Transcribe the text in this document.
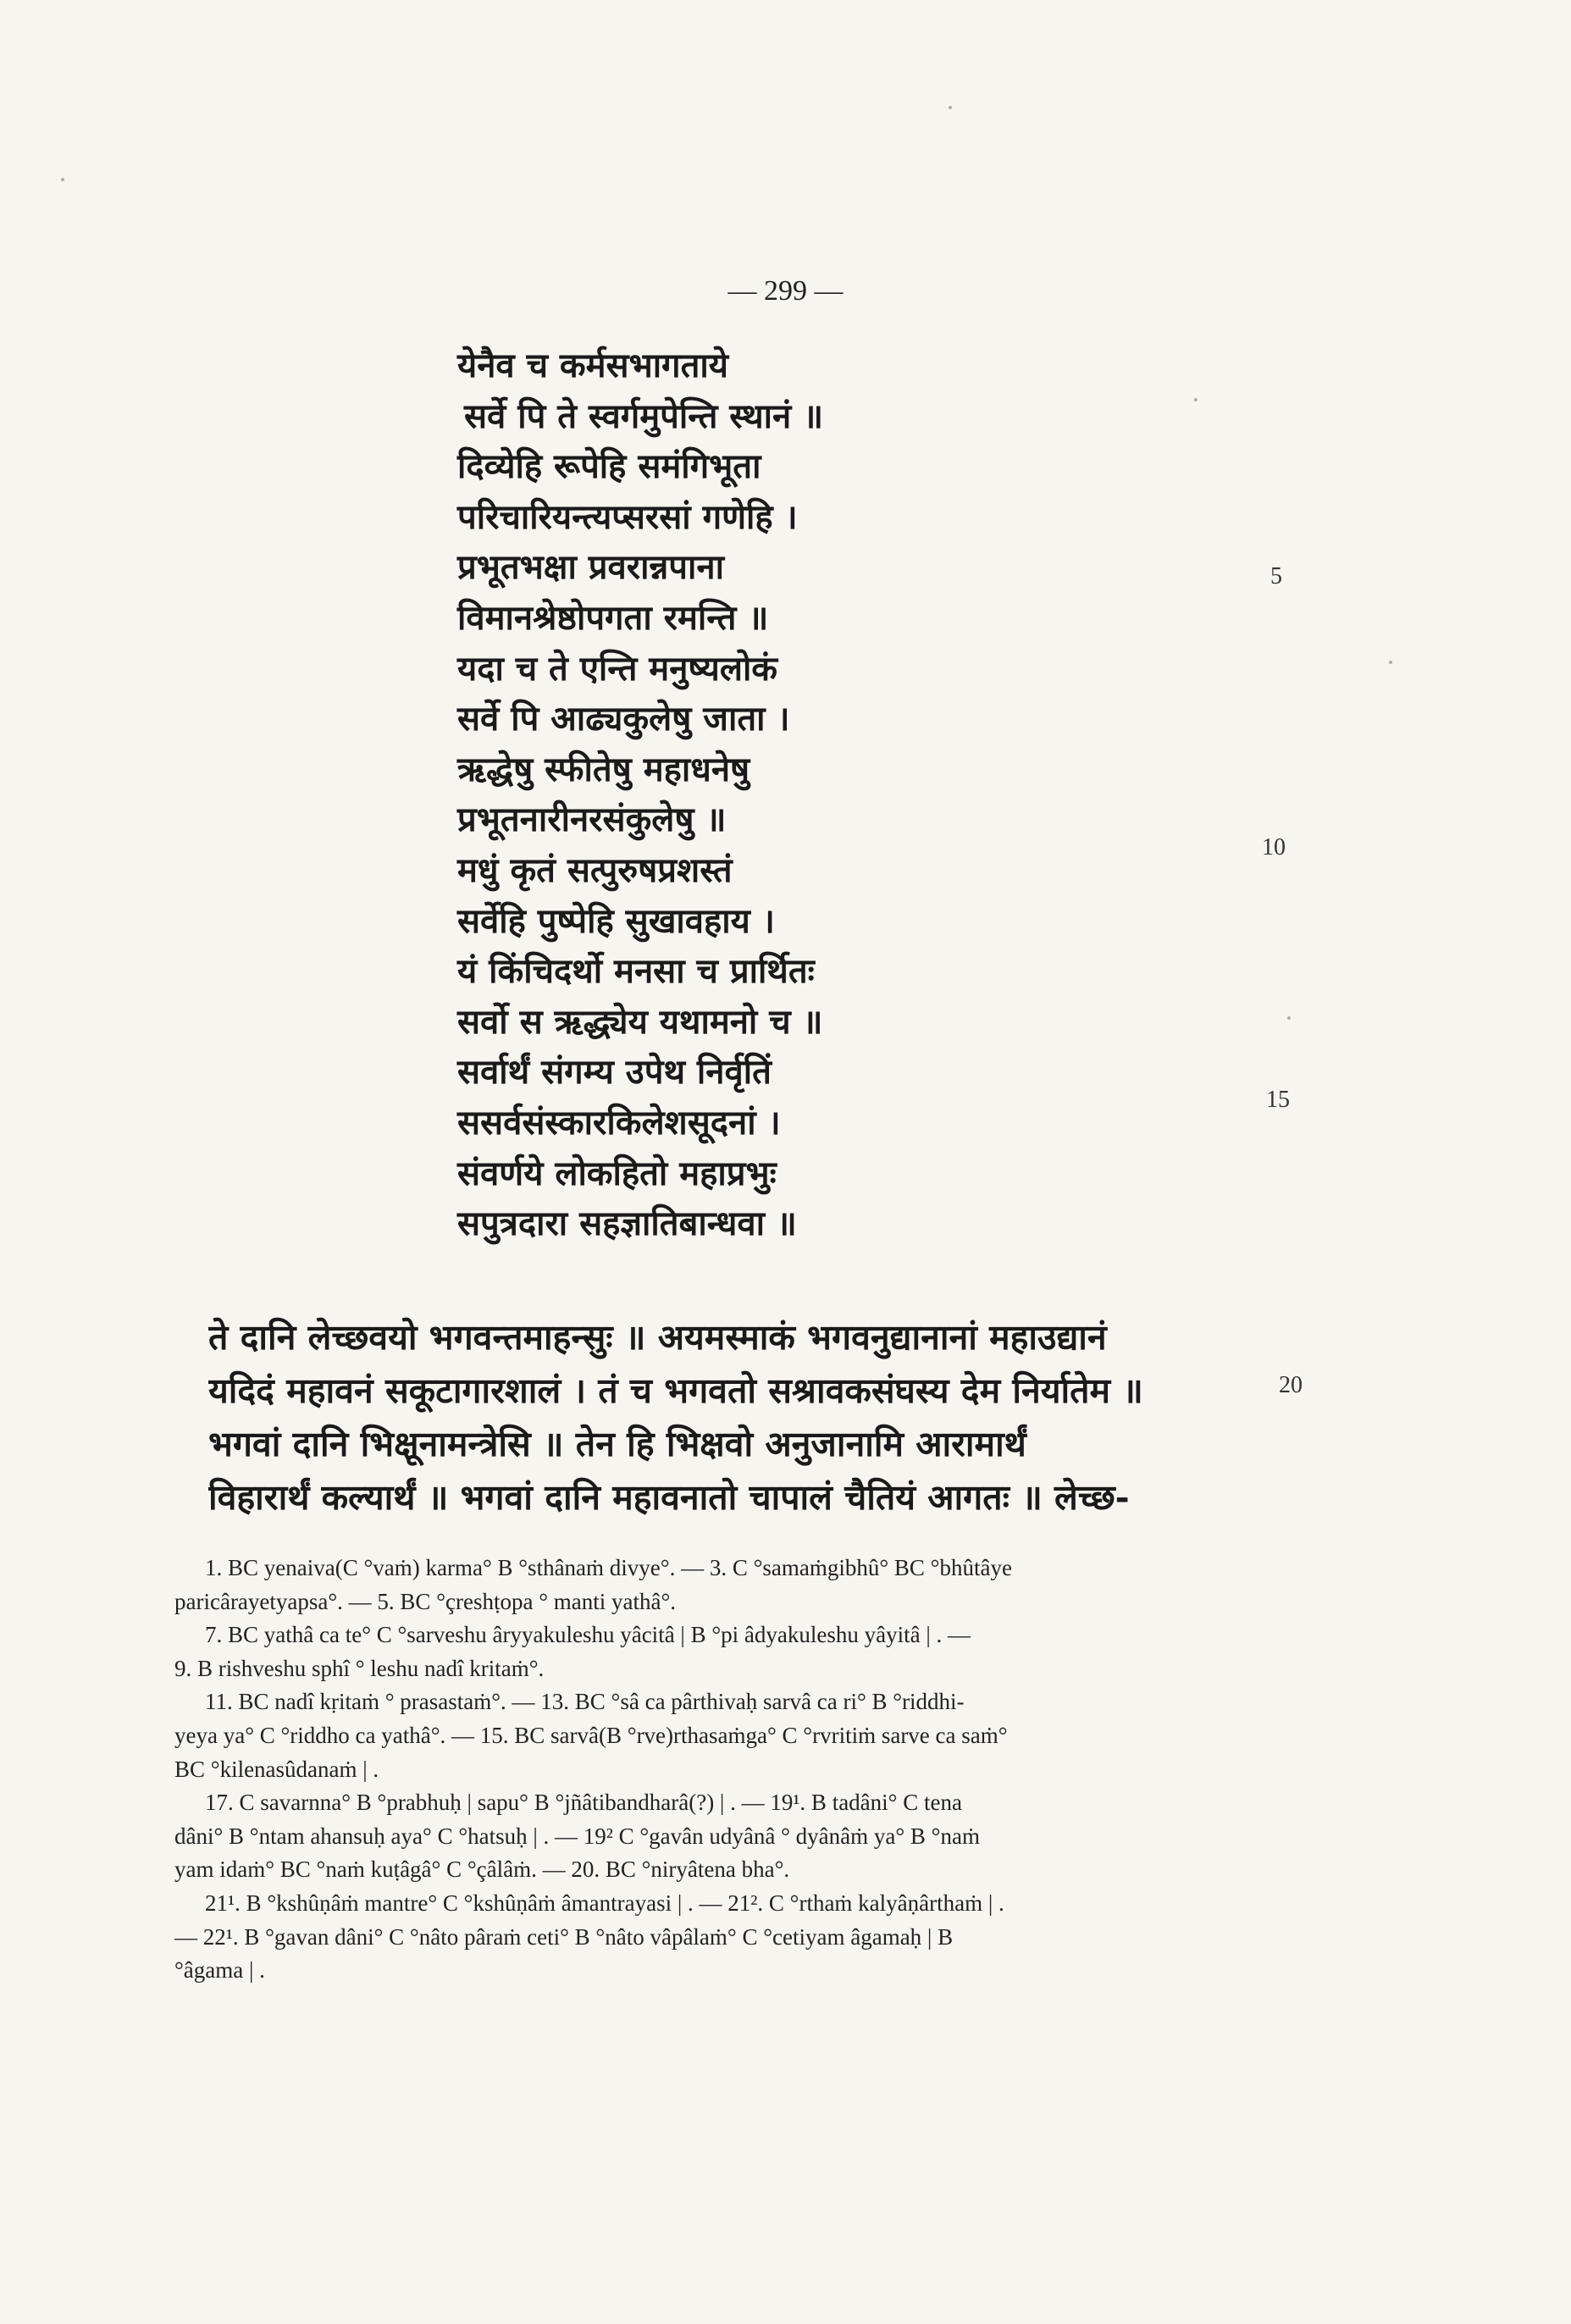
— 299 —
येनैव च कर्मसभागताये
सर्वे पि ते स्वर्गमुपेन्ति स्थानं ॥
दिव्येहि रूपेहि समंगिभूता
परिचारियन्त्यप्सरसां गणेहि ।
प्रभूतभक्षा प्रवरान्नपाना
विमानश्रेष्ठोपगता रमन्ति ॥
यदा च ते एन्ति मनुष्यलोकं
सर्वे पि आढ्यकुलेषु जाता ।
ऋद्धेषु स्फीतेषु महाधनेषु
प्रभूतनारीनरसंकुलेषु ॥
मधुं कृतं सत्पुरुषप्रशस्तं
सर्वेहि पुष्पेहि सुखावहाय ।
यं किंचिदर्थो मनसा च प्रार्थितः
सर्वो स ऋद्ध्येय यथामनो च ॥
सर्वार्थं संगम्य उपेथ निर्वृतिं
ससर्वसंस्कारकिलेशसूदनां ।
संवर्णये लोकहितो महाप्रभुः
सपुत्रदारा सहज्ञातिबान्धवा ॥
5
10
15
ते दानि लेच्छवयो भगवन्तमाहन्सुः ॥ अयमस्माकं भगवनुद्यानानां महाउद्यानं
यदिदं महावनं सकूटागारशालं । तं च भगवतो सश्रावकसंघस्य देम निर्यातेम ॥
भगवां दानि भिक्षूनामन्त्रेसि ॥ तेन हि भिक्षवो अनुजानामि आरामार्थं
विहारार्थं कल्यार्थं ॥ भगवां दानि महावनातो चापालं चैतियं आगतः ॥ लेच्छ-
20
1. BC yenaiva(C °vaṁ) karma° B °sthânaṁ divye°. — 3. C °samaṁgibhû° BC °bhûtâye
paricârayetyapsa°. — 5. BC °çreshṭopa ° manti yathâ°.
7. BC yathâ ca te° C °sarveshu âryyakuleshu yâcitâ | B °pi âdyakuleshu yâyitâ | . —
9. B rishveshu sphî ° leshu nadî kritaṁ°.
11. BC nadî kṛitaṁ ° prasastaṁ°. — 13. BC °sâ ca pârthivaḥ sarvâ ca ri° B °riddhi-
yeya ya° C °riddho ca yathâ°. — 15. BC sarvâ(B °rve)rthasaṁga° C °rvritiṁ sarve ca saṁ°
BC °kilenasûdanaṁ | .
17. C savarnna° B °prabhuḥ | sapu° B °jñâtibandharâ(?) | . — 19¹. B tadâni° C tena
dâni° B °ntam ahansuḥ aya° C °hatsuḥ | . — 19² C °gavân udyânâ ° dyânâṁ ya° B °naṁ
yam idaṁ° BC °naṁ kuṭâgâ° C °çâlâṁ. — 20. BC °niryâtena bha°.
21¹. B °kshûṇâṁ mantre° C °kshûṇâṁ âmantrayasi | . — 21². C °rthaṁ kalyâṇârthaṁ | .
— 22¹. B °gavan dâni° C °nâto pâraṁ ceti° B °nâto vâpâlaṁ° C °cetiyam âgamaḥ | B
°âgama | .
